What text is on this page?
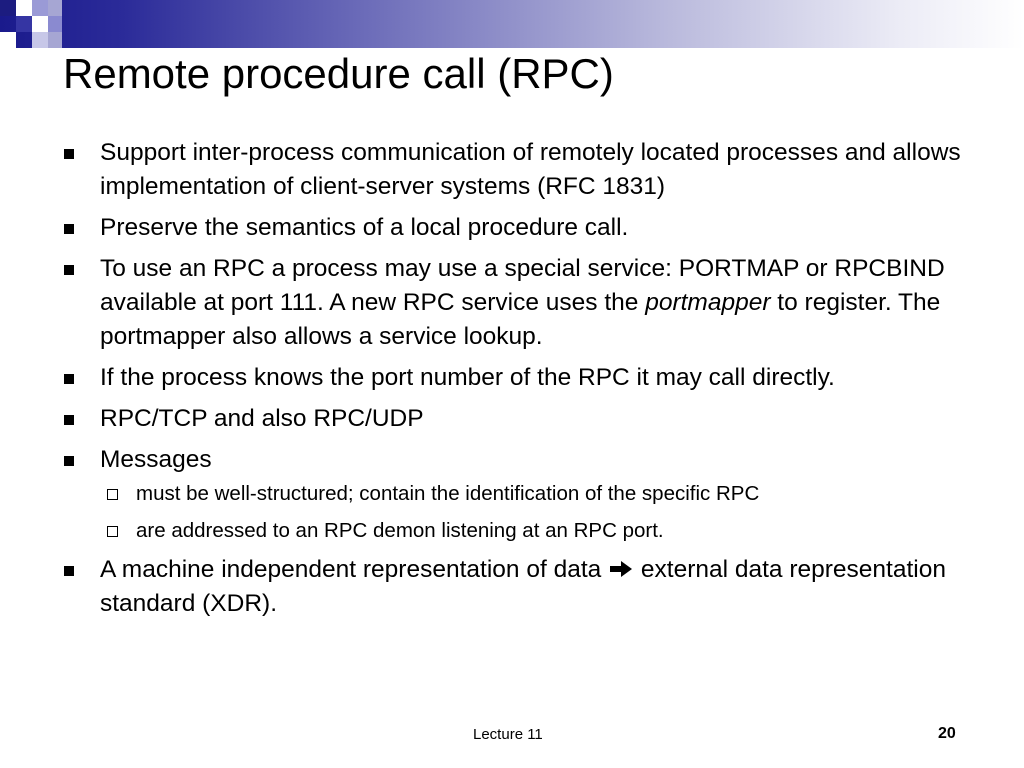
Remote procedure call (RPC)
Support inter-process communication of remotely located processes and allows implementation of client-server systems (RFC 1831)
Preserve the semantics of a local procedure call.
To use an RPC a process may use a special service: PORTMAP or RPCBIND available at port 111. A new RPC service uses the portmapper to register. The portmapper also allows a service lookup.
If the process knows the port number of the RPC it may call directly.
RPC/TCP and also RPC/UDP
Messages
must be well-structured; contain the identification of the specific RPC
are addressed to an RPC demon listening at an RPC port.
A machine independent representation of data  external data representation standard (XDR).
Lecture 11	20
